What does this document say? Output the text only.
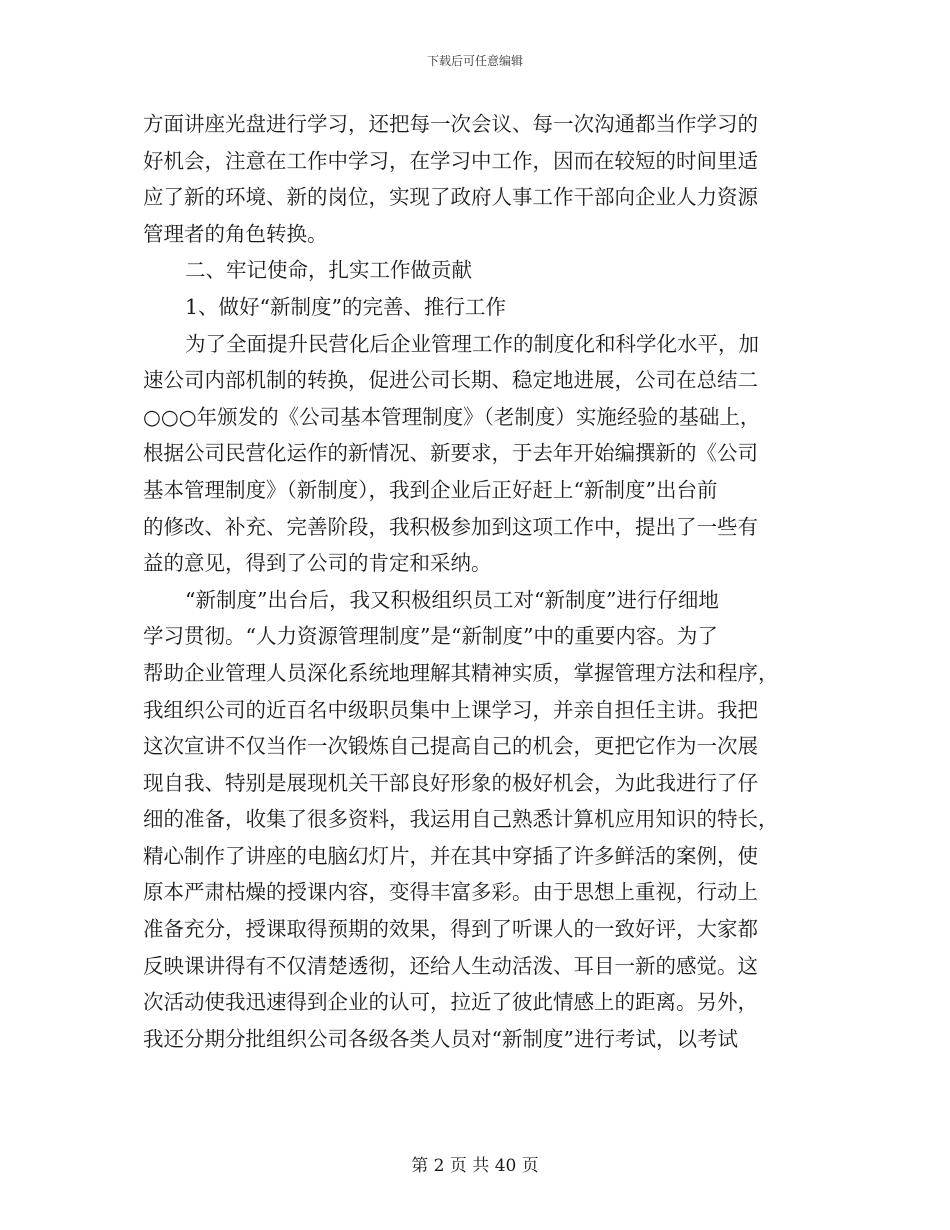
下载后可任意编辑
方面讲座光盘进行学习，还把每一次会议、每一次沟通都当作学习的
好机会，注意在工作中学习，在学习中工作，因而在较短的时间里适
应了新的环境、新的岗位，实现了政府人事工作干部向企业人力资源
管理者的角色转换。
二、牢记使命，扎实工作做贡献
1、做好“新制度”的完善、推行工作
为了全面提升民营化后企业管理工作的制度化和科学化水平，加
速公司内部机制的转换，促进公司长期、稳定地进展，公司在总结二
○○○年颁发的《公司基本管理制度》（老制度）实施经验的基础上，
根据公司民营化运作的新情况、新要求，于去年开始编撰新的《公司
基本管理制度》（新制度），我到企业后正好赶上“新制度”出台前
的修改、补充、完善阶段，我积极参加到这项工作中，提出了一些有
益的意见，得到了公司的肯定和采纳。
“新制度”出台后，我又积极组织员工对“新制度”进行仔细地
学习贯彻。“人力资源管理制度”是“新制度”中的重要内容。为了
帮助企业管理人员深化系统地理解其精神实质，掌握管理方法和程序，
我组织公司的近百名中级职员集中上课学习，并亲自担任主讲。我把
这次宣讲不仅当作一次锻炼自己提高自己的机会，更把它作为一次展
现自我、特别是展现机关干部良好形象的极好机会，为此我进行了仔
细的准备，收集了很多资料，我运用自己熟悉计算机应用知识的特长，
精心制作了讲座的电脑幻灯片，并在其中穿插了许多鲜活的案例，使
原本严肃枯燥的授课内容，变得丰富多彩。由于思想上重视，行动上
准备充分，授课取得预期的效果，得到了听课人的一致好评，大家都
反映课讲得有不仅清楚透彻，还给人生动活泼、耳目一新的感觉。这
次活动使我迅速得到企业的认可，拉近了彼此情感上的距离。另外，
我还分期分批组织公司各级各类人员对“新制度”进行考试，以考试
第 2 页 共 40 页
